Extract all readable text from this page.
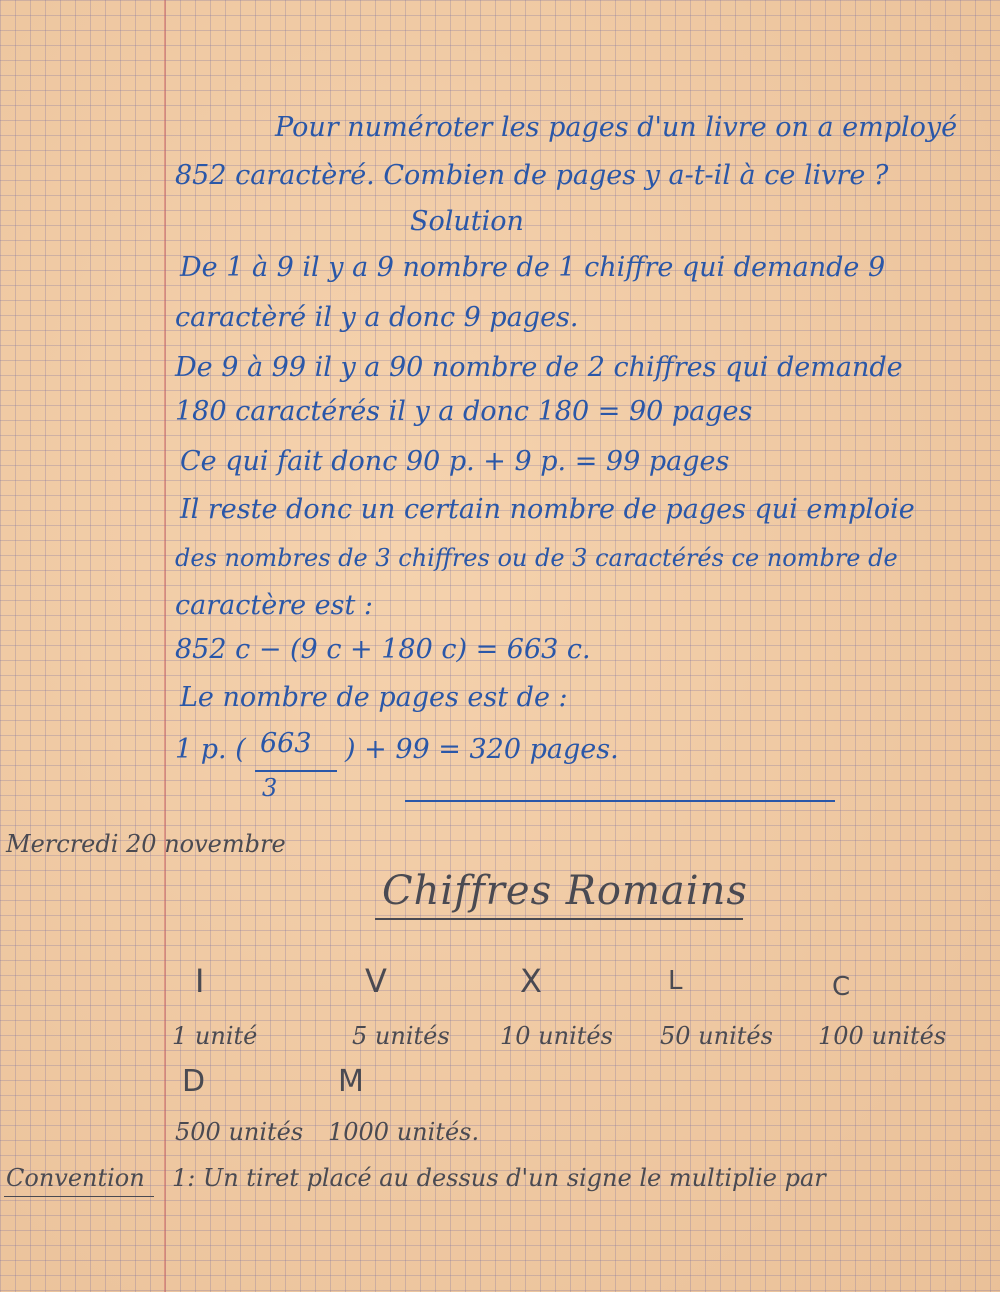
Pour numéroter les pages d'un livre on a employé
852 caractèré. Combien de pages y a-t-il à ce livre ?
Solution
De 1 à 9 il y a 9 nombre de 1 chiffre qui demande 9
caractèré il y a donc 9 pages.
De 9 à 99 il y a 90 nombre de 2 chiffres qui demande
180 caractérés il y a donc 180 = 90 pages
Ce qui fait donc 90 p. + 9 p. = 99 pages
Il reste donc un certain nombre de pages qui emploie
des nombres de 3 chiffres ou de 3 caractérés ce nombre de
caractère est :
852 c − (9 c + 180 c) = 663 c.
Le nombre de pages est de :
1 p. ( 663
3
) + 99 = 320 pages.
Mercredi 20 novembre
Chiffres Romains
I	V	X	L	C
1 unité	5 unités 10 unités 50 unités 100 unités
D	M
500 unités 1000 unités.
Convention 1: Un tiret placé au dessus d'un signe le multiplie par
